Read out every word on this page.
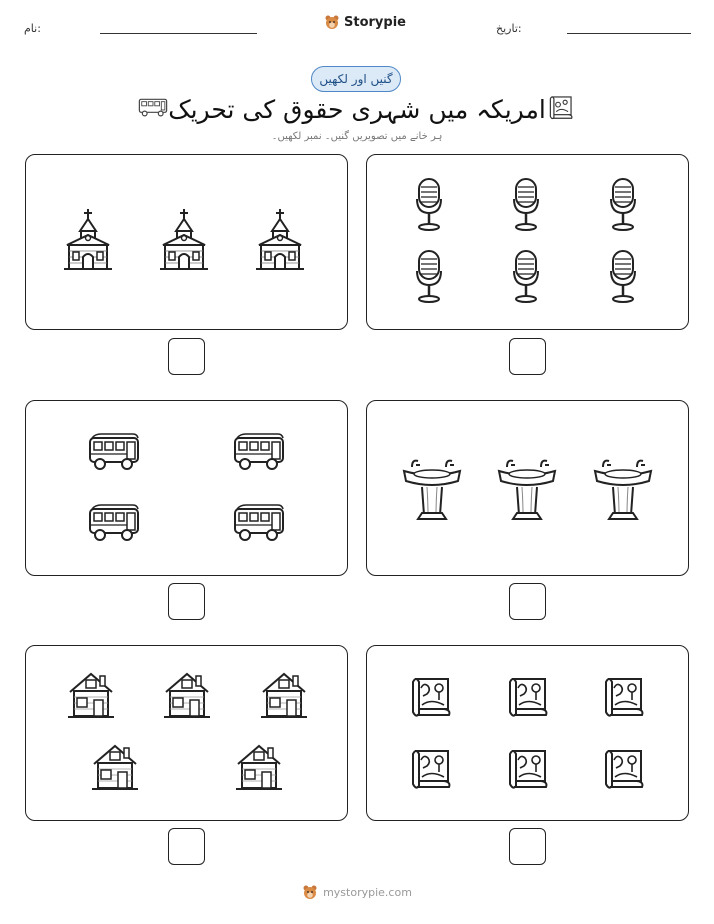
نام:	Storypie	تاریخ:
گنیں اور لکھیں
امریکہ میں شہری حقوق کی تحریک
ہر خانے میں تصویریں گنیں۔ نمبر لکھیں۔
mystorypie.com
